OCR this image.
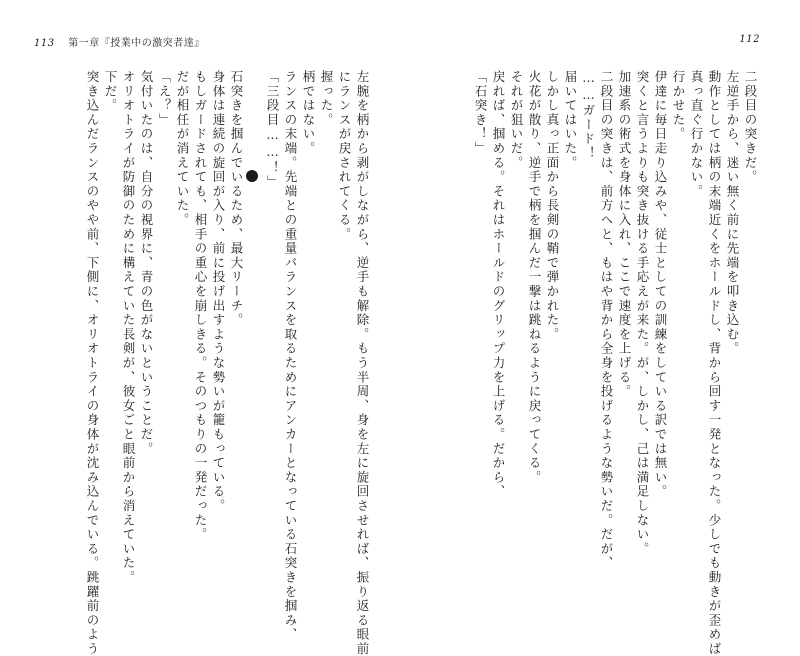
113 第一章『授業中の激突者達』
左腕を柄から剥がしながら、逆手も解除。もう半周、身を左に旋回させれば、振り返る眼前
にランスが戻されてくる。
握った。
柄ではない。
ランスの末端。先端との重量バランスを取るためにアンカーとなっている石突きを掴み、
「三段目……！」
石突きを掴んでいるため、最大リーチ。
身体は連続の旋回が入り、前に投げ出すような勢いが籠もっている。
もしガードされても、相手の重心を崩しきる。そのつもりの一発だった。
だが相任が消えていた。
「え？」
気付いたのは、自分の視界に、青の色がないということだ。
オリオトライが防御のために構えていた長剣が、彼女ごと眼前から消えていた。
下だ。
突き込んだランスのやや前、下側に、オリオトライの身体が沈み込んでいる。跳躍前のよう
112
二段目の突きだ。
左逆手から、迷い無く前に先端を叩き込む。
動作としては柄の末端近くをホールドし、背から回す一発となった。少しでも動きが歪めば
真っ直ぐ行かない。
行かせた。
伊達に毎日走り込みや、従士としての訓練をしている訳では無い。
突くと言うよりも突き抜ける手応えが来た。が、しかし、己は満足しない。
加速系の術式を身体に入れ、ここで速度を上げる。
二段目の突きは、前方へと、もはや背から全身を投げるような勢いだ。だが、
……ガード！
届いてはいた。
しかし真っ正面から長剣の鞘で弾かれた。
火花が散り、逆手で柄を掴んだ一撃は跳ねるように戻ってくる。
それが狙いだ。
戻れば、掴める。それはホールドのグリップ力を上げる。だから、
「石突き！」
